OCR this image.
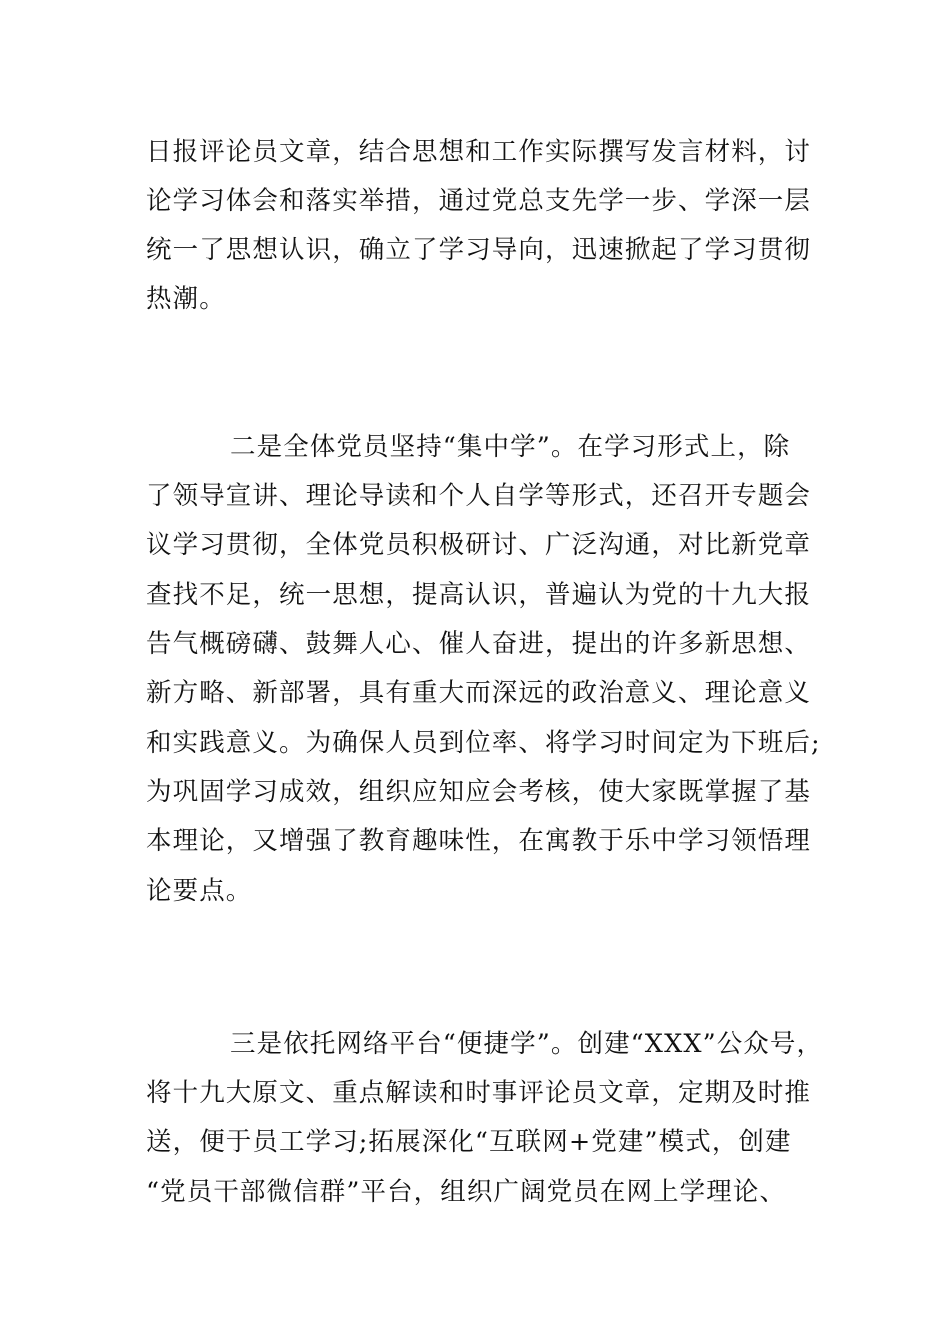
日报评论员文章，结合思想和工作实际撰写发言材料，讨
论学习体会和落实举措，通过党总支先学一步、学深一层
统一了思想认识，确立了学习导向，迅速掀起了学习贯彻
热潮。
二是全体党员坚持“集中学”。在学习形式上，除
了领导宣讲、理论导读和个人自学等形式，还召开专题会
议学习贯彻，全体党员积极研讨、广泛沟通，对比新党章
查找不足，统一思想，提高认识，普遍认为党的十九大报
告气概磅礴、鼓舞人心、催人奋进，提出的许多新思想、
新方略、新部署，具有重大而深远的政治意义、理论意义
和实践意义。为确保人员到位率、将学习时间定为下班后;
为巩固学习成效，组织应知应会考核，使大家既掌握了基
本理论，又增强了教育趣味性，在寓教于乐中学习领悟理
论要点。
三是依托网络平台“便捷学”。创建“XXX”公众号，
将十九大原文、重点解读和时事评论员文章，定期及时推
送，便于员工学习;拓展深化“互联网+党建”模式，创建
“党员干部微信群”平台，组织广阔党员在网上学理论、
